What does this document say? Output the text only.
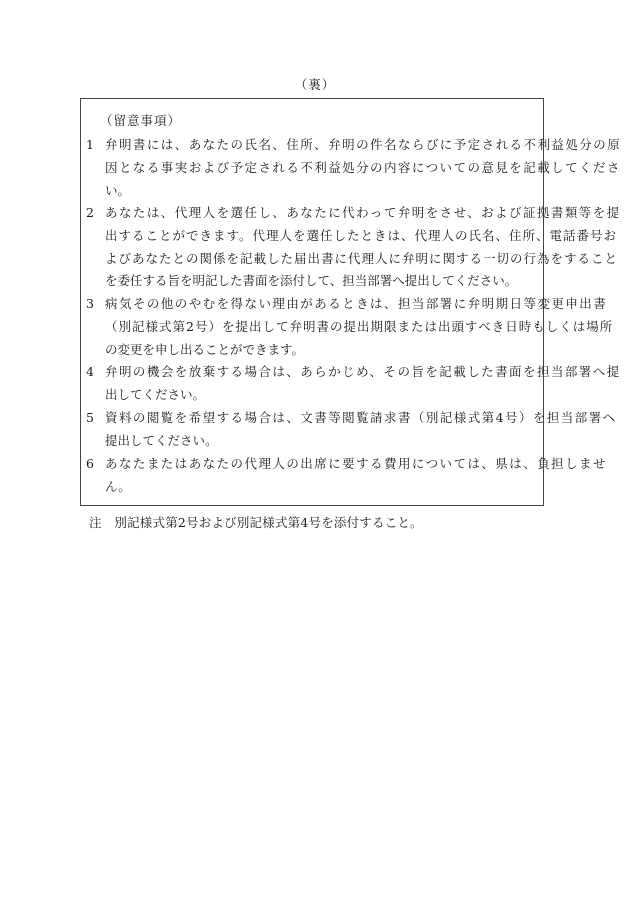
（裏）
（留意事項）
1 弁明書には、あなたの氏名、住所、弁明の件名ならびに予定される不利益処分の原
因となる事実および予定される不利益処分の内容についての意見を記載してくださ
い。
2 あなたは、代理人を選任し、あなたに代わって弁明をさせ、および証拠書類等を提
出することができます。代理人を選任したときは、代理人の氏名、住所、電話番号お
よびあなたとの関係を記載した届出書に代理人に弁明に関する一切の行為をすること
を委任する旨を明記した書面を添付して、担当部署へ提出してください。
3 病気その他のやむを得ない理由があるときは、担当部署に弁明期日等変更申出書
（別記様式第2号）を提出して弁明書の提出期限または出頭すべき日時もしくは場所
の変更を申し出ることができます。
4 弁明の機会を放棄する場合は、あらかじめ、その旨を記載した書面を担当部署へ提
出してください。
5 資料の閲覧を希望する場合は、文書等閲覧請求書（別記様式第4号）を担当部署へ
提出してください。
6 あなたまたはあなたの代理人の出席に要する費用については、県は、負担しませ
ん。
注　別記様式第2号および別記様式第4号を添付すること。
